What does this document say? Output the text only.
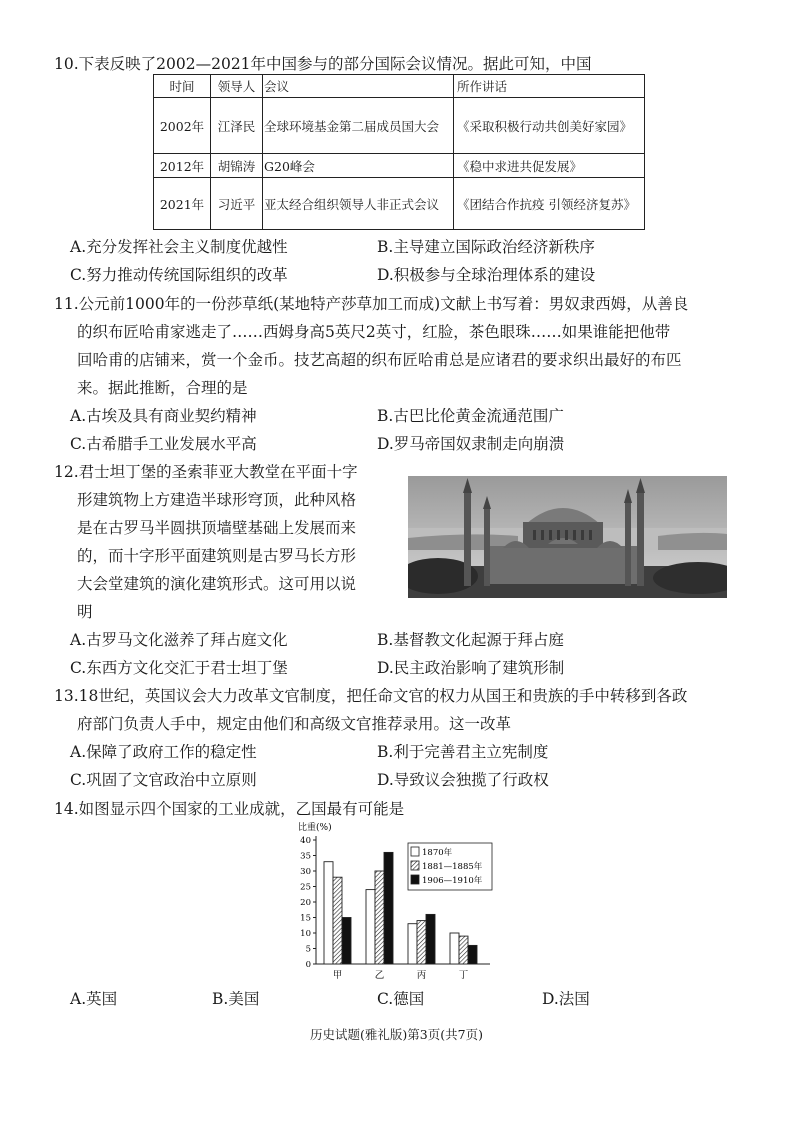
10.下表反映了2002—2021年中国参与的部分国际会议情况。据此可知，中国
时间	领导人	会议	所作讲话
2002年	江泽民	全球环境基金第二届成员国大会	《采取积极行动共创美好家园》
2012年	胡锦涛	G20峰会	《稳中求进共促发展》
2021年	习近平	亚太经合组织领导人非正式会议	《团结合作抗疫 引领经济复苏》
A.充分发挥社会主义制度优越性	B.主导建立国际政治经济新秩序
C.努力推动传统国际组织的改革	D.积极参与全球治理体系的建设
11.公元前1000年的一份莎草纸(某地特产莎草加工而成)文献上书写着：男奴隶西姆，从善良
的织布匠哈甫家逃走了……西姆身高5英尺2英寸，红脸，茶色眼珠……如果谁能把他带
回哈甫的店铺来，赏一个金币。技艺高超的织布匠哈甫总是应诸君的要求织出最好的布匹
来。据此推断，合理的是
A.古埃及具有商业契约精神	B.古巴比伦黄金流通范围广
C.古希腊手工业发展水平高	D.罗马帝国奴隶制走向崩溃
12.君士坦丁堡的圣索菲亚大教堂在平面十字
形建筑物上方建造半球形穹顶，此种风格
是在古罗马半圆拱顶墙壁基础上发展而来
的，而十字形平面建筑则是古罗马长方形
大会堂建筑的演化建筑形式。这可用以说
明
A.古罗马文化滋养了拜占庭文化	B.基督教文化起源于拜占庭
C.东西方文化交汇于君士坦丁堡	D.民主政治影响了建筑形制
13.18世纪，英国议会大力改革文官制度，把任命文官的权力从国王和贵族的手中转移到各政
府部门负责人手中，规定由他们和高级文官推荐录用。这一改革
A.保障了政府工作的稳定性	B.利于完善君主立宪制度
C.巩固了文官政治中立原则	D.导致议会独揽了行政权
14.如图显示四个国家的工业成就，乙国最有可能是
比重(%)
0
5
10
15
20
25
30
35
40
甲	乙	丙	丁
1870年
1881—1885年
1906—1910年
A.英国	B.美国	C.德国	D.法国
历史试题(雅礼版)第3页(共7页)
